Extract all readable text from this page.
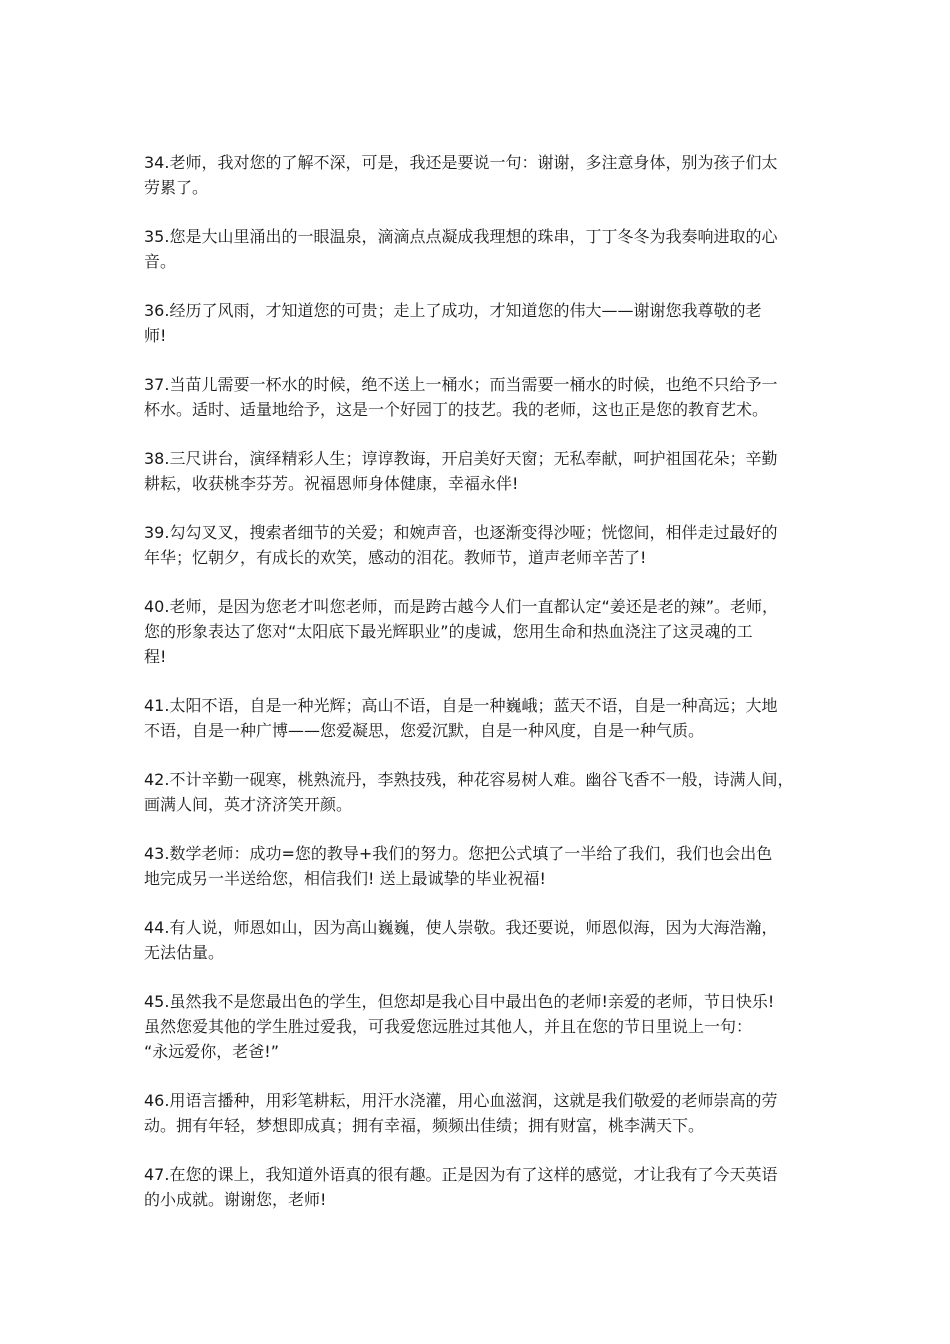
34.老师，我对您的了解不深，可是，我还是要说一句：谢谢，多注意身体，别为孩子们太
劳累了。

35.您是大山里涌出的一眼温泉，滴滴点点凝成我理想的珠串，丁丁冬冬为我奏响进取的心
音。

36.经历了风雨，才知道您的可贵；走上了成功，才知道您的伟大——谢谢您我尊敬的老
师!

37.当苗儿需要一杯水的时候，绝不送上一桶水；而当需要一桶水的时候，也绝不只给予一
杯水。适时、适量地给予，这是一个好园丁的技艺。我的老师，这也正是您的教育艺术。

38.三尺讲台，演绎精彩人生；谆谆教诲，开启美好天窗；无私奉献，呵护祖国花朵；辛勤
耕耘，收获桃李芬芳。祝福恩师身体健康，幸福永伴!

39.勾勾叉叉，搜索者细节的关爱；和婉声音，也逐渐变得沙哑；恍惚间，相伴走过最好的
年华；忆朝夕，有成长的欢笑，感动的泪花。教师节，道声老师辛苦了!

40.老师，是因为您老才叫您老师，而是跨古越今人们一直都认定“姜还是老的辣”。老师，
您的形象表达了您对“太阳底下最光辉职业”的虔诚，您用生命和热血浇注了这灵魂的工
程!

41.太阳不语，自是一种光辉；高山不语，自是一种巍峨；蓝天不语，自是一种高远；大地
不语，自是一种广博——您爱凝思，您爱沉默，自是一种风度，自是一种气质。

42.不计辛勤一砚寒，桃熟流丹，李熟技残，种花容易树人难。幽谷飞香不一般，诗满人间，
画满人间，英才济济笑开颜。

43.数学老师：成功=您的教导+我们的努力。您把公式填了一半给了我们，我们也会出色
地完成另一半送给您，相信我们! 送上最诚挚的毕业祝福!

44.有人说，师恩如山，因为高山巍巍，使人崇敬。我还要说，师恩似海，因为大海浩瀚，
无法估量。

45.虽然我不是您最出色的学生，但您却是我心目中最出色的老师!亲爱的老师，节日快乐!
虽然您爱其他的学生胜过爱我，可我爱您远胜过其他人，并且在您的节日里说上一句：
“永远爱你，老爸!”

46.用语言播种，用彩笔耕耘，用汗水浇灌，用心血滋润，这就是我们敬爱的老师崇高的劳
动。拥有年轻，梦想即成真；拥有幸福，频频出佳绩；拥有财富，桃李满天下。

47.在您的课上，我知道外语真的很有趣。正是因为有了这样的感觉，才让我有了今天英语
的小成就。谢谢您，老师!
